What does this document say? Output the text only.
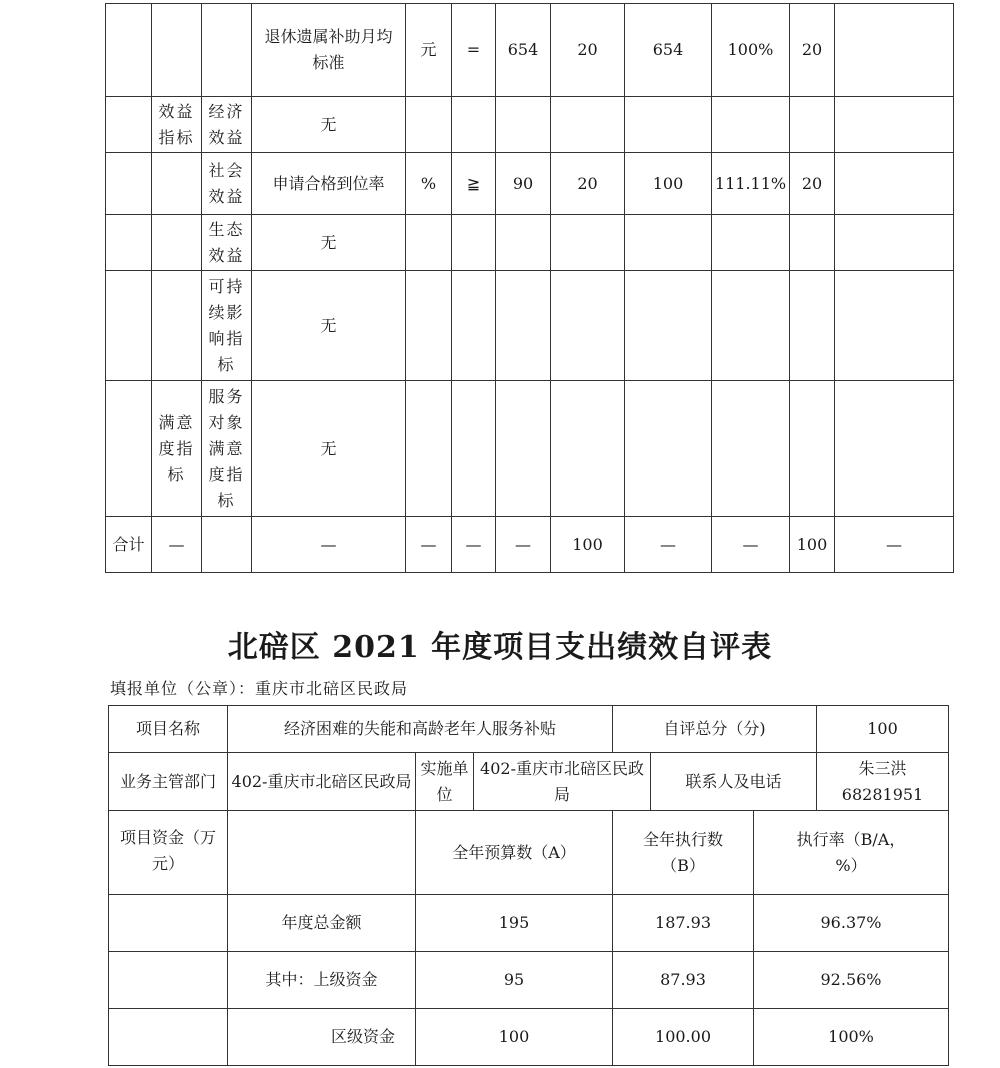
			退休遗属补助月均标准	元	=	654	20	654	100%	20	
	效益指标	经济效益	无								
		社会效益	申请合格到位率	%	≧	90	20	100	111.11%	20	
		生态效益	无								
		可持续影响指标	无								
	满意度指标	服务对象满意度指标	无								
合计	—		—	—	—	—	100	—	—	100	—
北碚区 2021 年度项目支出绩效自评表
填报单位（公章）：重庆市北碚区民政局
项目名称	经济困难的失能和高龄老年人服务补贴			自评总分（分)			100
业务主管部门	402-重庆市北碚区民政局	实施单位	402-重庆市北碚区民政局		联系人及电话		朱三洪 68281951
项目资金（万元）		全年预算数（A）		全年执行数（B）		执行率（B/A，%）	
	年度总金额	195		187.93		96.37%	
	其中：上级资金	95		87.93		92.56%	
	区级资金	100		100.00		100%	
